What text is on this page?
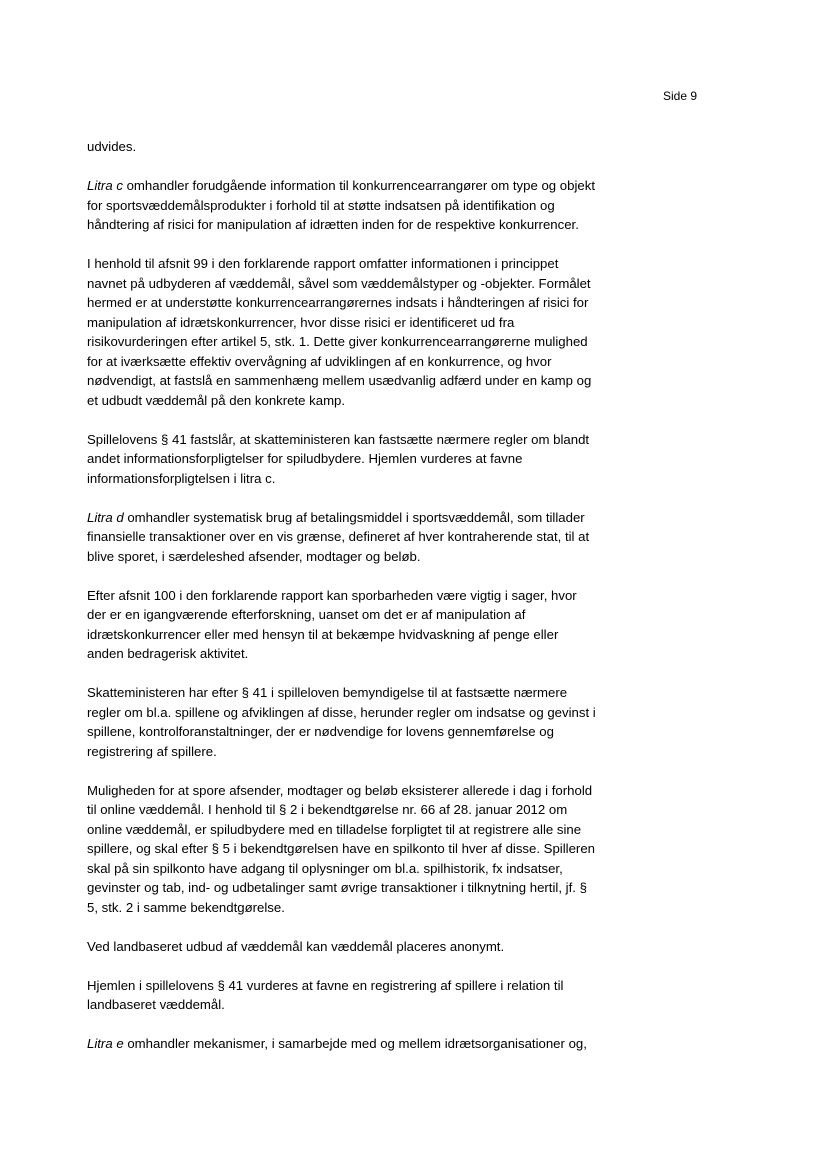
Side 9
udvides.
Litra c omhandler forudgående information til konkurrencearrangører om type og objekt
for sportsvæddemålsprodukter i forhold til at støtte indsatsen på identifikation og
håndtering af risici for manipulation af idrætten inden for de respektive konkurrencer.
I henhold til afsnit 99 i den forklarende rapport omfatter informationen i princippet
navnet på udbyderen af væddemål, såvel som væddemålstyper og -objekter. Formålet
hermed er at understøtte konkurrencearrangørernes indsats i håndteringen af risici for
manipulation af idrætskonkurrencer, hvor disse risici er identificeret ud fra
risikovurderingen efter artikel 5, stk. 1. Dette giver konkurrencearrangørerne mulighed
for at iværksætte effektiv overvågning af udviklingen af en konkurrence, og hvor
nødvendigt, at fastslå en sammenhæng mellem usædvanlig adfærd under en kamp og
et udbudt væddemål på den konkrete kamp.
Spillelovens § 41 fastslår, at skatteministeren kan fastsætte nærmere regler om blandt
andet informationsforpligtelser for spiludbydere. Hjemlen vurderes at favne
informationsforpligtelsen i litra c.
Litra d omhandler systematisk brug af betalingsmiddel i sportsvæddemål, som tillader
finansielle transaktioner over en vis grænse, defineret af hver kontraherende stat, til at
blive sporet, i særdeleshed afsender, modtager og beløb.
Efter afsnit 100 i den forklarende rapport kan sporbarheden være vigtig i sager, hvor
der er en igangværende efterforskning, uanset om det er af manipulation af
idrætskonkurrencer eller med hensyn til at bekæmpe hvidvaskning af penge eller
anden bedragerisk aktivitet.
Skatteministeren har efter § 41 i spilleloven bemyndigelse til at fastsætte nærmere
regler om bl.a. spillene og afviklingen af disse, herunder regler om indsatse og gevinst i
spillene, kontrolforanstaltninger, der er nødvendige for lovens gennemførelse og
registrering af spillere.
Muligheden for at spore afsender, modtager og beløb eksisterer allerede i dag i forhold
til online væddemål. I henhold til § 2 i bekendtgørelse nr. 66 af 28. januar 2012 om
online væddemål, er spiludbydere med en tilladelse forpligtet til at registrere alle sine
spillere, og skal efter § 5 i bekendtgørelsen have en spilkonto til hver af disse. Spilleren
skal på sin spilkonto have adgang til oplysninger om bl.a. spilhistorik, fx indsatser,
gevinster og tab, ind- og udbetalinger samt øvrige transaktioner i tilknytning hertil, jf. §
5, stk. 2 i samme bekendtgørelse.
Ved landbaseret udbud af væddemål kan væddemål placeres anonymt.
Hjemlen i spillelovens § 41 vurderes at favne en registrering af spillere i relation til
landbaseret væddemål.
Litra e omhandler mekanismer, i samarbejde med og mellem idrætsorganisationer og,
